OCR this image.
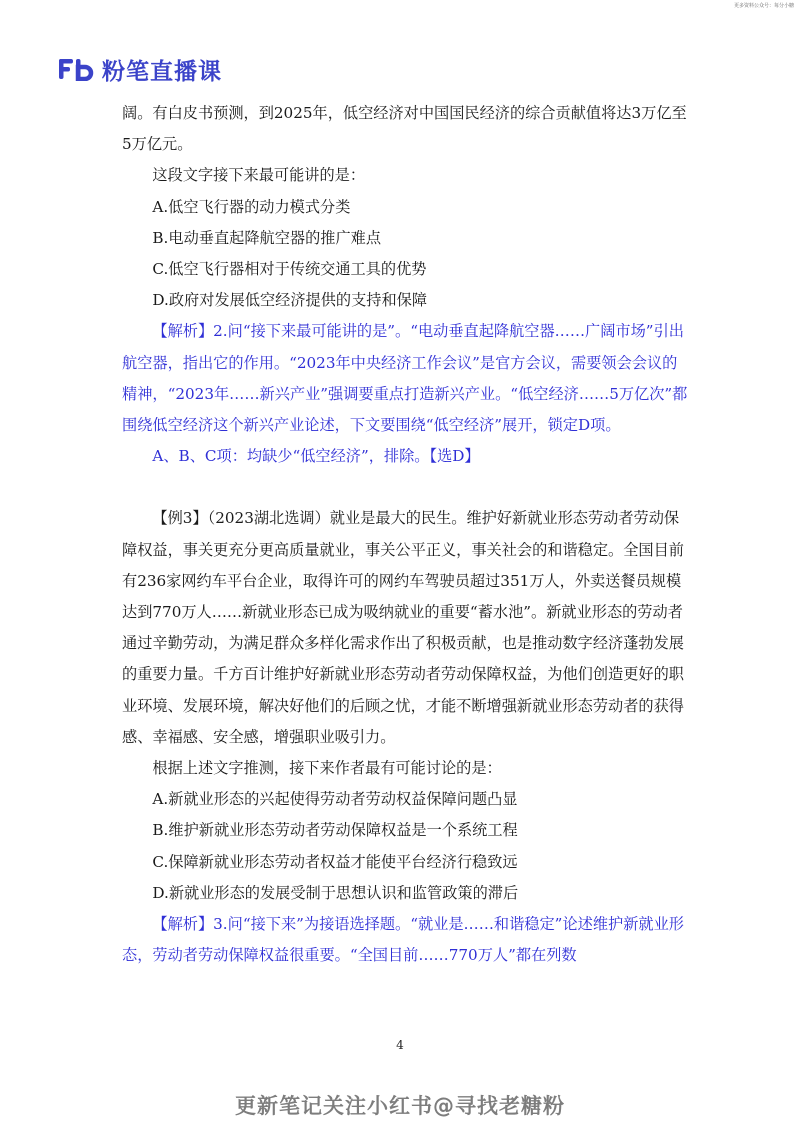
更多资料公众号：每分小糖
粉笔直播课

阔。有白皮书预测，到2025年，低空经济对中国国民经济的综合贡献值将达3万亿至5万亿元。

这段文字接下来最可能讲的是：

A.低空飞行器的动力模式分类

B.电动垂直起降航空器的推广难点

C.低空飞行器相对于传统交通工具的优势

D.政府对发展低空经济提供的支持和保障

【解析】2.问“接下来最可能讲的是”。“电动垂直起降航空器……广阔市场”引出航空器，指出它的作用。“2023年中央经济工作会议”是官方会议，需要领会会议的精神，“2023年……新兴产业”强调要重点打造新兴产业。“低空经济……5万亿次”都围绕低空经济这个新兴产业论述，下文要围绕“低空经济”展开，锁定D项。

A、B、C项：均缺少“低空经济”，排除。【选D】

【例3】（2023湖北选调）就业是最大的民生。维护好新就业形态劳动者劳动保障权益，事关更充分更高质量就业，事关公平正义，事关社会的和谐稳定。全国目前有236家网约车平台企业，取得许可的网约车驾驶员超过351万人，外卖送餐员规模达到770万人……新就业形态已成为吸纳就业的重要“蓄水池”。新就业形态的劳动者通过辛勤劳动，为满足群众多样化需求作出了积极贡献，也是推动数字经济蓬勃发展的重要力量。千方百计维护好新就业形态劳动者劳动保障权益，为他们创造更好的职业环境、发展环境，解决好他们的后顾之忧，才能不断增强新就业形态劳动者的获得感、幸福感、安全感，增强职业吸引力。

根据上述文字推测，接下来作者最有可能讨论的是：

A.新就业形态的兴起使得劳动者劳动权益保障问题凸显

B.维护新就业形态劳动者劳动保障权益是一个系统工程

C.保障新就业形态劳动者权益才能使平台经济行稳致远

D.新就业形态的发展受制于思想认识和监管政策的滞后

【解析】3.问“接下来”为接语选择题。“就业是……和谐稳定”论述维护新就业形态，劳动者劳动保障权益很重要。“全国目前……770万人”都在列数

4
更新笔记关注小红书@寻找老糖粉
